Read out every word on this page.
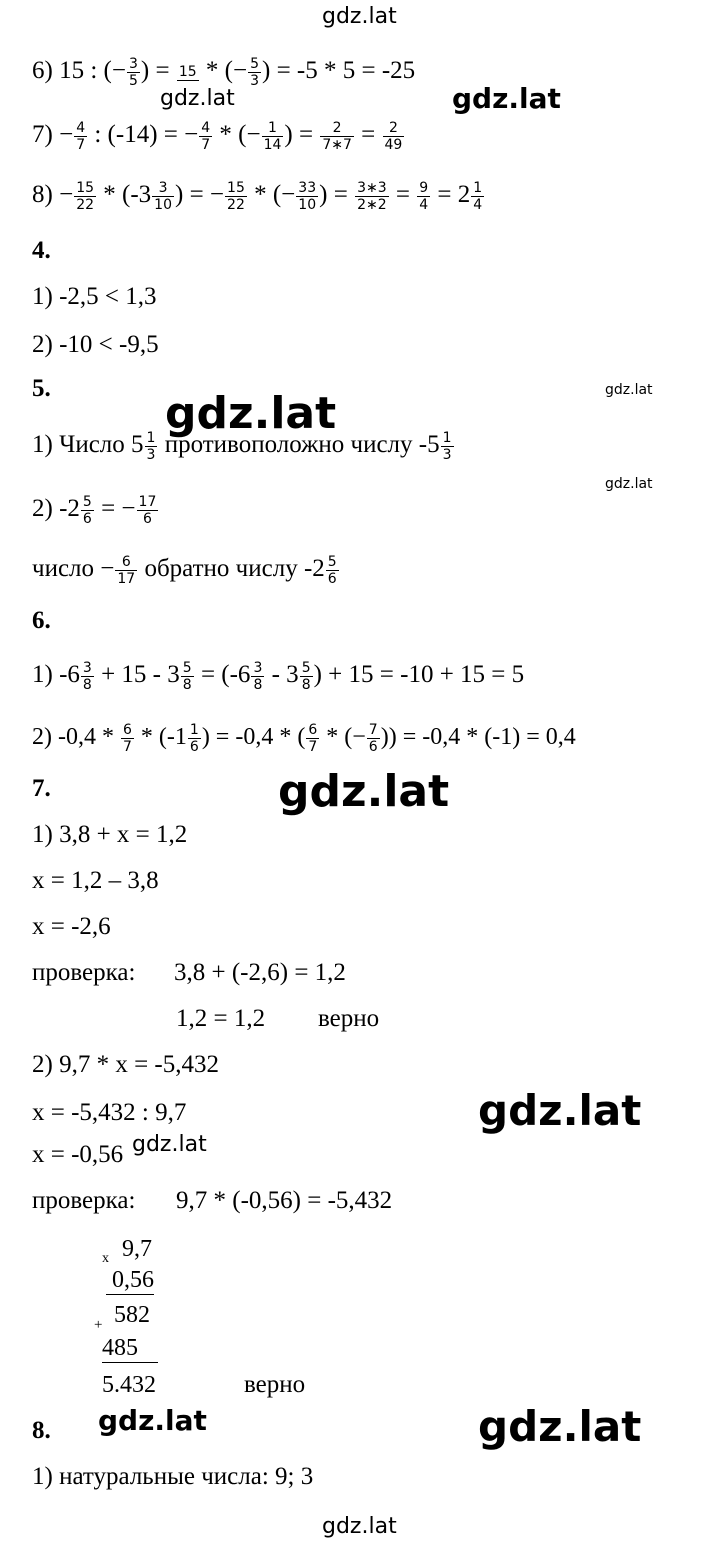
gdz.lat
gdz.lat	gdz.lat
gdz.lat
gdz.lat
gdz.lat
gdz.lat
gdz.lat
gdz.lat
gdz.lat	gdz.lat
gdz.lat
6) 15 : (− $\frac{3}{5}$ ) = 15 * (− $\frac{5}{3}$ ) = -5 * 5 = -25
$7) - \frac{4}{7}$ : (-14) = − $\frac{4}{7}$ * (− $\frac{1}{14}$ ) = $\frac{2}{7∗7} = \frac{2}{49}$
$8) - \frac{15}{22} * (-3 \frac{3}{10}$ ) = − $\frac{15}{22}$ * (− $\frac{33}{10}$ ) = $\frac{3∗3}{2∗2} = \frac{9}{4} = 2 \frac{1}{4}$
4.
1) -2,5 < 1,3
2) -10 < -9,5
5.
1) Число $5 \frac{1}{3}$ противоположно числу $-5 \frac{1}{3}$
2) $-2 \frac{5}{6}$ = − $\frac{17}{6}$
число − $\frac{6}{17}$ обратно числу $-2 \frac{5}{6}$
6.
1) $-6 \frac{3}{8} + 15 - 3 \frac{5}{8} = (-6 \frac{3}{8} - 3 \frac{5}{8}$ ) + 15 = -10 + 15 = 5
2) $-0,4 * \frac{6}{7} * (-1 \frac{1}{6}$ ) = -0,4 * ( $\frac{6}{7}$ * (− $\frac{7}{6}$ )) = -0,4 * (-1) = 0,4
7.
1) 3,8 + x = 1,2
x = 1,2 – 3,8
x = -2,6
проверка: 3,8 + (-2,6) = 1,2
1,2 = 1,2 верно
2) 9,7 * x = -5,432
x = -5,432 : 9,7
x = -0,56
проверка: 9,7 * (-0,56) = -5,432
x 9,7
0,56
+ 582
485
5.432	верно
8.
1) натуральные числа: 9; 3
